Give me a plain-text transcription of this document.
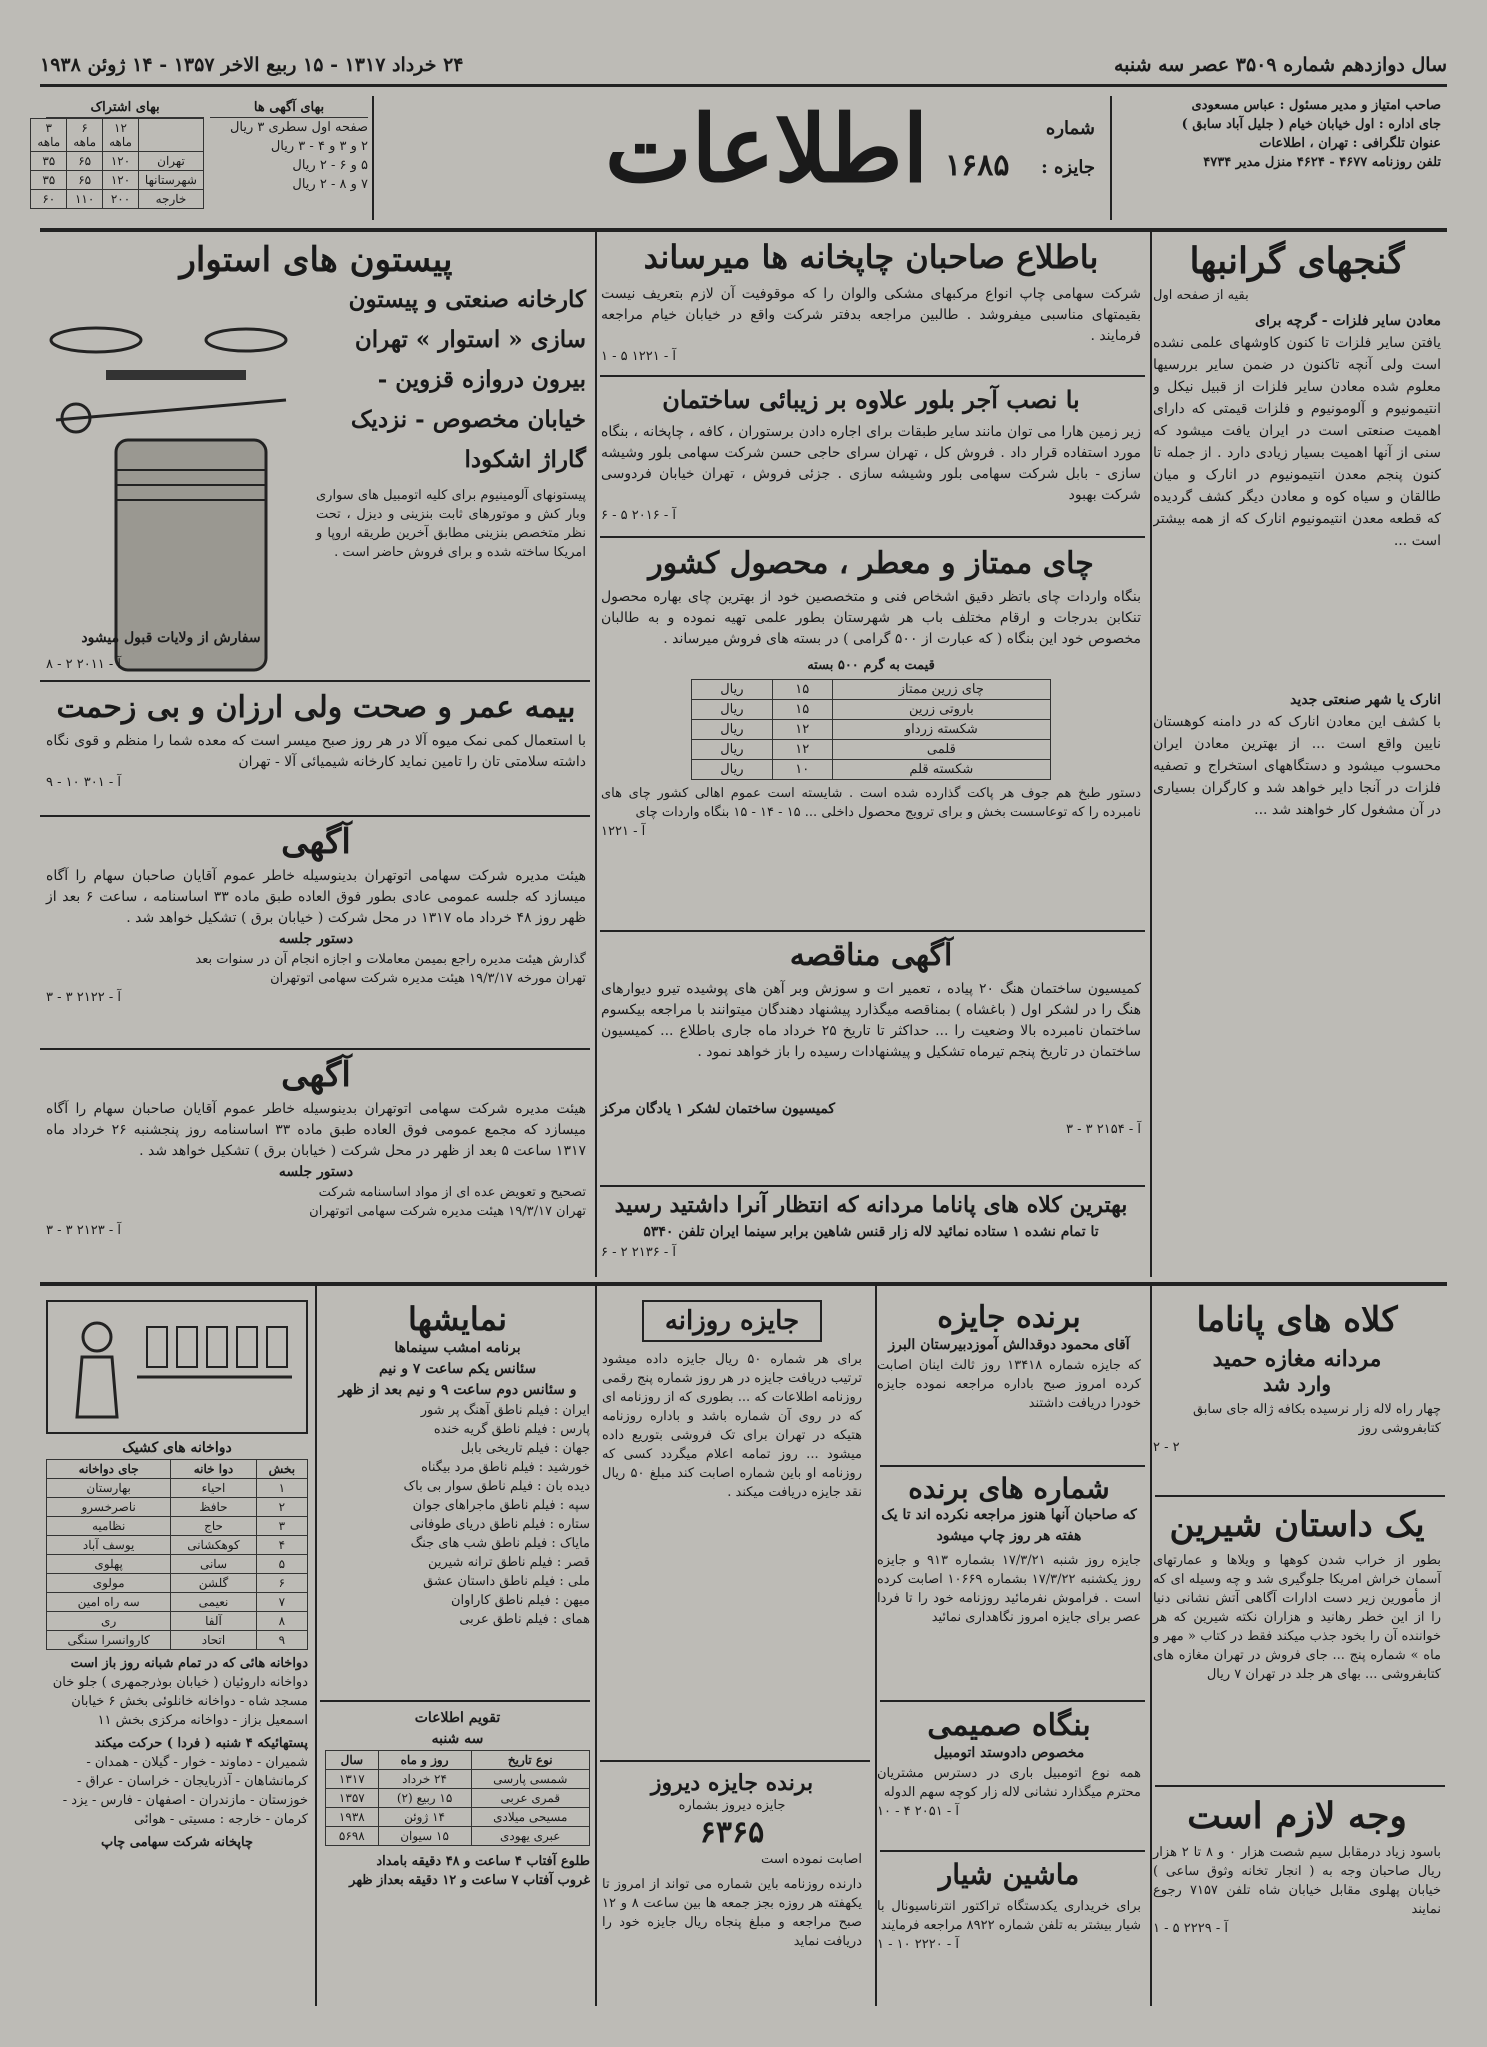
سال دوازدهم شماره ۳۵۰۹ عصر سه شنبه
۲۴ خرداد ۱۳۱۷ - ۱۵ ربیع الاخر ۱۳۵۷ - ۱۴ ژوئن ۱۹۳۸
صاحب امتیاز و مدیر مسئول : عباس مسعودی
جای اداره : اول خیابان خیام ( جلیل آباد سابق )
عنوان تلگرافی : تهران ، اطلاعات
تلفن روزنامه ۴۶۷۷ - ۴۶۲۴ منزل مدیر ۴۷۳۴
شماره
جایزه :
۱۶۸۵
اطلاعات
بهای آگهی ها
صفحه اول سطری ۳ ریال
۲ و ۳ و ۴ - ۳ ریال
۵ و ۶ - ۲ ریال
۷ و ۸ - ۲ ریال
بهای اشتراک
	۱۲ ماهه	۶ ماهه	۳ ماهه
تهران	۱۲۰	۶۵	۳۵
شهرستانها	۱۲۰	۶۵	۳۵
خارجه	۲۰۰	۱۱۰	۶۰
گنجهای گرانبها
بقیه از صفحه اول
معادن سایر فلزات - گرچه برای
یافتن سایر فلزات تا کنون کاوشهای علمی نشده است ولی آنچه تاکنون در ضمن سایر بررسیها معلوم شده معادن سایر فلزات از قبیل نیکل و انتیمونیوم و آلومونیوم و فلزات قیمتی که دارای اهمیت صنعتی است در ایران یافت میشود که سنی از آنها اهمیت بسیار زیادی دارد . از جمله تا کنون پنجم معدن انتیمونیوم در انارک و میان طالقان و سیاه کوه و معادن دیگر کشف گردیده که قطعه معدن انتیمونیوم انارک که از همه بیشتر است ...
انارک یا شهر صنعتی جدید
با کشف این معادن انارک که در دامنه کوهستان نایین واقع است ... از بهترین معادن ایران محسوب میشود و دستگاههای استخراج و تصفیه فلزات در آنجا دایر خواهد شد و کارگران بسیاری در آن مشغول کار خواهند شد ...
باطلاع صاحبان چاپخانه ها میرساند
شرکت سهامی چاپ انواع مرکبهای مشکی والوان را که موقوفیت آن لازم بتعریف نیست بقیمتهای مناسبی میفروشد . طالبین مراجعه بدفتر شرکت واقع در خیابان خیام مراجعه فرمایند .
آ - ۱۲۲۱ ۵ - ۱
با نصب آجر بلور علاوه بر زیبائی ساختمان
زیر زمین هارا می توان مانند سایر طبقات برای اجاره دادن برستوران ، کافه ، چاپخانه ، بنگاه مورد استفاده قرار داد . فروش کل ، تهران سرای حاجی حسن شرکت سهامی بلور وشیشه سازی - بابل شرکت سهامی بلور وشیشه سازی . جزئی فروش ، تهران خیابان فردوسی شرکت بهبود
آ - ۲۰۱۶ ۵ - ۶
چای ممتاز و معطر ، محصول کشور
بنگاه واردات چای باتظر دقیق اشخاص فنی و متخصصین خود از بهترین چای بهاره محصول تنکابن بدرجات و ارقام مختلف باب هر شهرستان بطور علمی تهیه نموده و به طالبان مخصوص خود این بنگاه ( که عبارت از ۵۰۰ گرامی ) در بسته های فروش میرساند .
قیمت به گرم ۵۰۰ بسته
چای زرین ممتاز	۱۵	ریال
باروتی زرین	۱۵	ریال
شکسته زرداو	۱۲	ریال
قلمی	۱۲	ریال
شکسته قلم	۱۰	ریال
دستور طبخ هم جوف هر پاکت گذارده شده است . شایسته است عموم اهالی کشور چای های نامبرده را که توعاسست بخش و برای ترویج محصول داخلی ... ۱۵ - ۱۴ - ۱۵ بنگاه واردات چای
آ - ۱۲۲۱
آگهی مناقصه
کمیسیون ساختمان هنگ ۲۰ پیاده ، تعمیر ات و سوزش وبر آهن های پوشیده تیرو دیوارهای هنگ را در لشکر اول ( باغشاه ) بمناقصه میگذارد پیشنهاد دهندگان میتوانند با مراجعه بیکسوم ساختمان نامبرده بالا وضعیت را ... حداکثر تا تاریخ ۲۵ خرداد ماه جاری باطلاع ... کمیسیون ساختمان در تاریخ پنجم تیرماه تشکیل و پیشنهادات رسیده را باز خواهد نمود .
کمیسیون ساختمان لشکر ۱ یادگان مرکز
آ - ۲۱۵۴ ۳ - ۳
بهترین کلاه های پاناما مردانه که انتظار آنرا داشتید رسید
تا تمام نشده ۱ ستاده نمائید لاله زار قنس شاهین برابر سینما ایران تلفن ۵۳۴۰
آ - ۲۱۳۶ ۲ - ۶
پیستون های استوار
کارخانه صنعتی و پیستون سازی « استوار » تهران بیرون دروازه قزوین - خیابان مخصوص - نزدیک گاراژ اشکودا
پیستونهای آلومینیوم برای کلیه اتومبیل های سواری وبار کش و موتورهای ثابت بنزینی و دیزل ، تحت نظر متخصص بنزینی مطابق آخرین طریقه اروپا و امریکا ساخته شده و برای فروش حاضر است .
سفارش از ولایات قبول میشود
آ - ۲۰۱۱ ۲ - ۸
بیمه عمر و صحت ولی ارزان و بی زحمت
با استعمال کمی نمک میوه آلا در هر روز صبح میسر است که معده شما را منظم و قوی نگاه داشته سلامتی تان را تامین نماید کارخانه شیمیائی آلا - تهران
آ - ۳۰۱ ۱۰ - ۹
آگهی
هیئت مدیره شرکت سهامی اتوتهران بدینوسیله خاطر عموم آقایان صاحبان سهام را آگاه میسازد که جلسه عمومی عادی بطور فوق العاده طبق ماده ۳۳ اساسنامه ، ساعت ۶ بعد از ظهر روز ۴۸ خرداد ماه ۱۳۱۷ در محل شرکت ( خیابان برق ) تشکیل خواهد شد .
دستور جلسه
گذارش هیئت مدیره راجع بمیمن معاملات و اجازه انجام آن در سنوات بعد
تهران مورخه ۱۹/۳/۱۷ هیئت مدیره شرکت سهامی اتوتهران
آ - ۲۱۲۲ ۳ - ۳
آگهی
هیئت مدیره شرکت سهامی اتوتهران بدینوسیله خاطر عموم آقایان صاحبان سهام را آگاه میسازد که مجمع عمومی فوق العاده طبق ماده ۳۳ اساسنامه روز پنجشنبه ۲۶ خرداد ماه ۱۳۱۷ ساعت ۵ بعد از ظهر در محل شرکت ( خیابان برق ) تشکیل خواهد شد .
دستور جلسه
تصحیح و تعویض عده ای از مواد اساسنامه شرکت
تهران ۱۹/۳/۱۷ هیئت مدیره شرکت سهامی اتوتهران
آ - ۲۱۲۳ ۳ - ۳
کلاه های پاناما
مردانه مغازه حمید
وارد شد
چهار راه لاله زار نرسیده بکافه ژاله جای سابق کتابفروشی روز
۲ - ۲
یک داستان شیرین
بطور از خراب شدن کوهها و ویلاها و عمارتهای آسمان خراش امریکا جلوگیری شد و چه وسیله ای که از مأمورین زیر دست ادارات آگاهی آتش نشانی دنیا را از این خطر رهانید و هزاران نکته شیرین که هر خواننده آن را بخود جذب میکند فقط در کتاب « مهر و ماه » شماره پنج ... جای فروش در تهران مغازه های کتابفروشی ... بهای هر جلد در تهران ۷ ریال
وجه لازم است
باسود زیاد درمقابل سیم شصت هزار ۰ و ۸ تا ۲ هزار ریال صاحبان وجه به ( انجار تخانه وثوق ساعی ) خیابان پهلوی مقابل خیابان شاه تلفن ۷۱۵۷ رجوع نمایند
آ - ۲۲۲۹ ۵ - ۱
برنده جایزه
آقای محمود دوقدالش آموزدبیرستان البرز
که جایزه شماره ۱۳۴۱۸ روز ثالث اینان اصابت کرده امروز صبح باداره مراجعه نموده جایزه خودرا دریافت داشتند
شماره های برنده
که صاحبان آنها هنوز مراجعه نکرده اند تا یک هفته هر روز چاپ میشود
جایزه روز شنبه ۱۷/۳/۲۱ بشماره ۹۱۳ و جایزه روز یکشنبه ۱۷/۳/۲۲ بشماره ۱۰۶۶۹ اصابت کرده است . فراموش نفرمائید روزنامه خود را تا فردا عصر برای جایزه امروز نگاهداری نمائید
بنگاه صمیمی
مخصوص دادوستد اتومبیل
همه نوع اتومبیل باری در دسترس مشتریان محترم میگذارد نشانی لاله زار کوچه سهم الدوله
آ - ۲۰۵۱ ۴ - ۱۰
ماشین شیار
برای خریداری یکدستگاه تراکتور انترناسیونال با شیار بیشتر به تلفن شماره ۸۹۲۲ مراجعه فرمایند
آ - ۲۲۲۰ ۱۰ - ۱
جایزه روزانه
برای هر شماره ۵۰ ریال جایزه داده میشود ترتیب دریافت جایزه در هر روز شماره پنج رقمی روزنامه اطلاعات که ... بطوری که از روزنامه ای که در روی آن شماره باشد و باداره روزنامه هتیکه در تهران برای تک فروشی بتوریع داده میشود ... روز تمامه اعلام میگردد کسی که روزنامه او باین شماره اصابت کند مبلغ ۵۰ ریال نقد جایزه دریافت میکند .
برنده جایزه دیروز
جایزه دیروز بشماره
۶۳۶۵
اصابت نموده است
دارنده روزنامه باین شماره می تواند از امروز تا یکهفته هر روزه بجز جمعه ها بین ساعت ۸ و ۱۲ صبح مراجعه و مبلغ پنجاه ریال جایزه خود را دریافت نماید
نمایشها
برنامه امشب سینماها
سئانس یکم ساعت ۷ و نیم
و سئانس دوم ساعت ۹ و نیم بعد از ظهر
ایران : فیلم ناطق آهنگ پر شور
پارس : فیلم ناطق گریه خنده
جهان : فیلم تاریخی بابل
خورشید : فیلم ناطق مرد بیگناه
دیده بان : فیلم ناطق سوار بی باک
سپه : فیلم ناطق ماجراهای جوان
ستاره : فیلم ناطق دریای طوفانی
مایاک : فیلم ناطق شب های جنگ
قصر : فیلم ناطق ترانه شیرین
ملی : فیلم ناطق داستان عشق
میهن : فیلم ناطق کاراوان
همای : فیلم ناطق عربی
تقویم اطلاعات
سه شنبه
نوع تاریخ	روز و ماه	سال
شمسی پارسی	۲۴ خرداد	۱۳۱۷
قمری عربی	۱۵ ربیع (۲)	۱۳۵۷
مسیحی میلادی	۱۴ ژوئن	۱۹۳۸
عبری یهودی	۱۵ سیوان	۵۶۹۸
طلوع آفتاب ۴ ساعت و ۴۸ دقیقه بامداد
غروب آفتاب ۷ ساعت و ۱۲ دقیقه بعداز ظهر
دواخانه های کشیک
بخش	دوا خانه	جای دواخانه
۱	احیاء	بهارستان
۲	حافظ	ناصرخسرو
۳	حاج	نظامیه
۴	کوهکشانی	یوسف آباد
۵	سانی	پهلوی
۶	گلشن	مولوی
۷	نعیمی	سه راه امین
۸	آلفا	ری
۹	اتحاد	کاروانسرا سنگی
دواخانه هائی که در تمام شبانه روز باز است
دواخانه داروئیان ( خیابان بوذرجمهری ) جلو خان مسجد شاه - دواخانه خانلوئی بخش ۶ خیابان اسمعیل بزاز - دواخانه مرکزی بخش ۱۱
پستهائیکه ۴ شنبه ( فردا ) حرکت میکند
شمیران - دماوند - خوار - گیلان - همدان - کرمانشاهان - آذربایجان - خراسان - عراق - خوزستان - مازندران - اصفهان - فارس - یزد - کرمان - خارجه : مسیتی - هوائی
چاپخانه شرکت سهامی چاپ
